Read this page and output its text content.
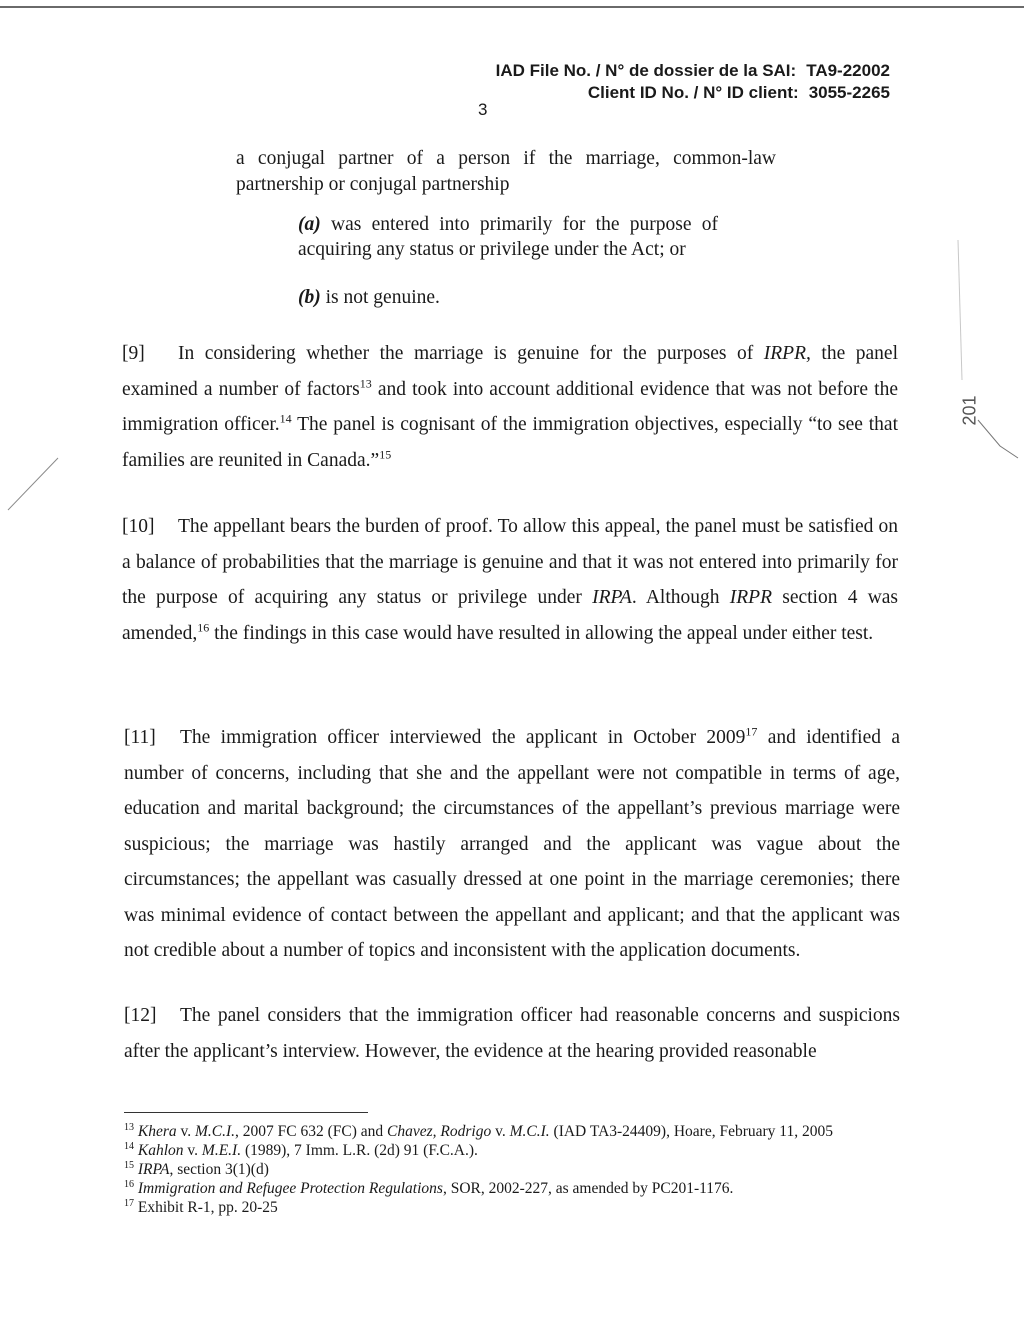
IAD File No. / N° de dossier de la SAI: TA9-22002
Client ID No. / N° ID client: 3055-2265
3
a conjugal partner of a person if the marriage, common-law
partnership or conjugal partnership
(a) was entered into primarily for the purpose of
acquiring any status or privilege under the Act; or
(b) is not genuine.
[9] In considering whether the marriage is genuine for the purposes of IRPR, the panel examined a number of factors$^{13}$ and took into account additional evidence that was not before the immigration officer.$^{14}$ The panel is cognisant of the immigration objectives, especially “to see that families are reunited in Canada.”$^{15}$
[10] The appellant bears the burden of proof. To allow this appeal, the panel must be satisfied on a balance of probabilities that the marriage is genuine and that it was not entered into primarily for the purpose of acquiring any status or privilege under IRPA. Although IRPR section 4 was amended,$^{16}$ the findings in this case would have resulted in allowing the appeal under either test.
[11] The immigration officer interviewed the applicant in October 2009$^{17}$ and identified a number of concerns, including that she and the appellant were not compatible in terms of age, education and marital background; the circumstances of the appellant’s previous marriage were suspicious; the marriage was hastily arranged and the applicant was vague about the circumstances; the appellant was casually dressed at one point in the marriage ceremonies; there was minimal evidence of contact between the appellant and applicant; and that the applicant was not credible about a number of topics and inconsistent with the application documents.
[12] The panel considers that the immigration officer had reasonable concerns and suspicions after the applicant’s interview. However, the evidence at the hearing provided reasonable
$^{13}$ Khera v. M.C.I., 2007 FC 632 (FC) and Chavez, Rodrigo v. M.C.I. (IAD TA3-24409), Hoare, February 11, 2005
$^{14}$ Kahlon v. M.E.I. (1989), 7 Imm. L.R. (2d) 91 (F.C.A.).
$^{15}$ IRPA, section 3(1)(d)
$^{16}$ Immigration and Refugee Protection Regulations, SOR, 2002-227, as amended by PC201-1176.
$^{17}$ Exhibit R-1, pp. 20-25
201
